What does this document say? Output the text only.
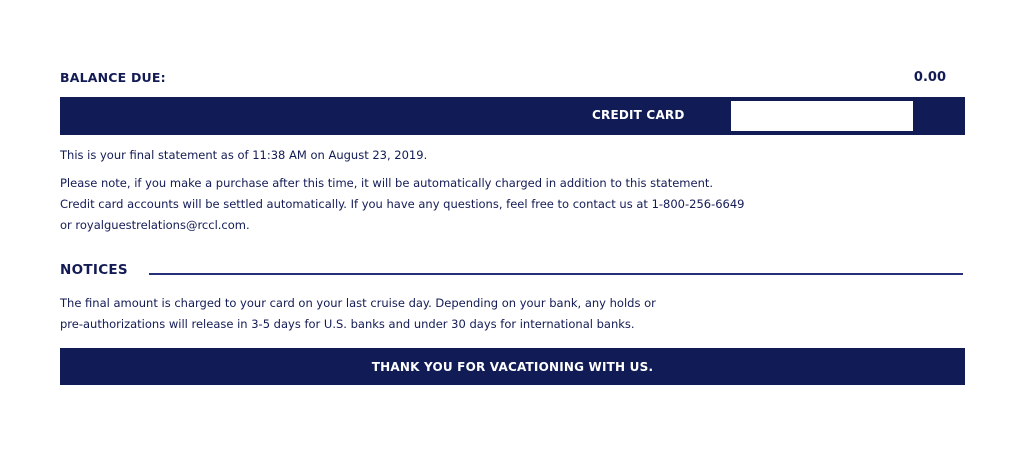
BALANCE DUE:	0.00
CREDIT CARD
This is your final statement as of 11:38 AM on August 23, 2019.
Please note, if you make a purchase after this time, it will be automatically charged in addition to this statement.
Credit card accounts will be settled automatically. If you have any questions, feel free to contact us at 1-800-256-6649
or royalguestrelations@rccl.com.
NOTICES
The final amount is charged to your card on your last cruise day. Depending on your bank, any holds or
pre-authorizations will release in 3-5 days for U.S. banks and under 30 days for international banks.
THANK YOU FOR VACATIONING WITH US.
